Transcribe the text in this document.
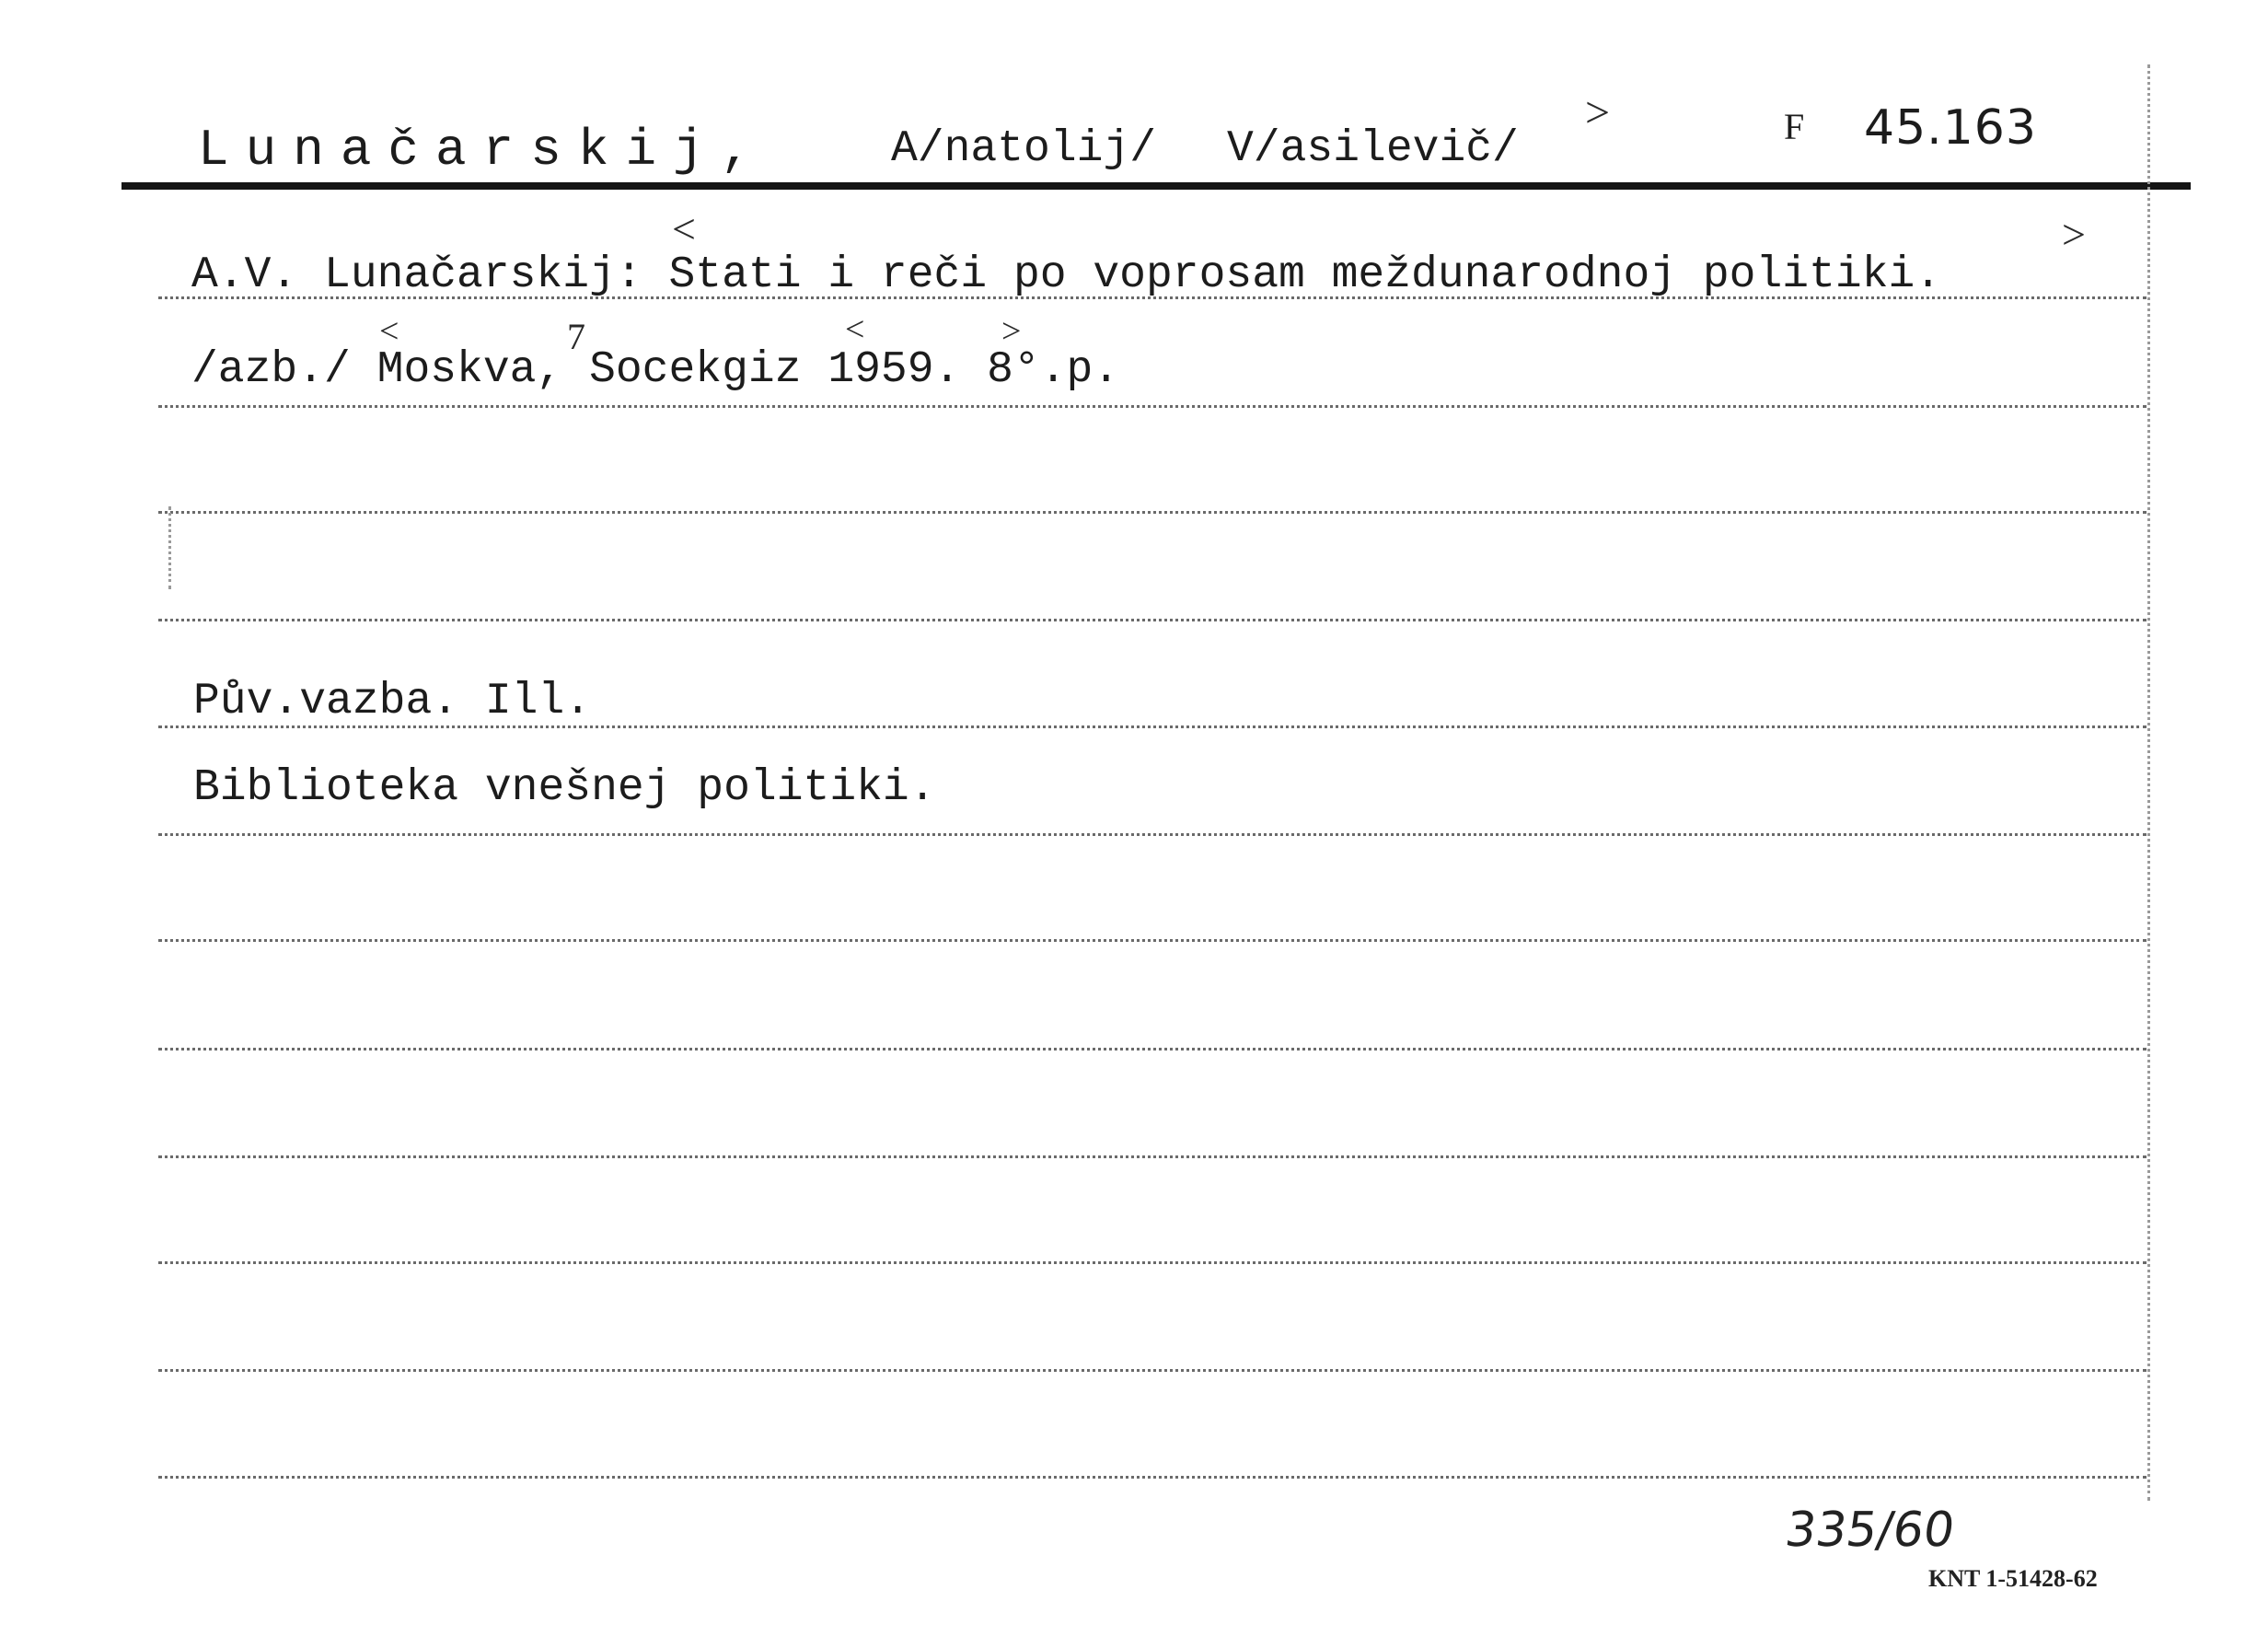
Lunačarskij,	A/natolij/ V/asilevič/	F 45.163
>
A.V. Lunačarskij: Stati i reči po voprosam meždunarodnoj politiki.
<	>
/azb./ Moskva, Socekgiz 1959. 8°.p.
<	7	<	>
Pův.vazba. Ill.
Biblioteka vnešnej politiki.
335/60
KNT 1-51428-62
